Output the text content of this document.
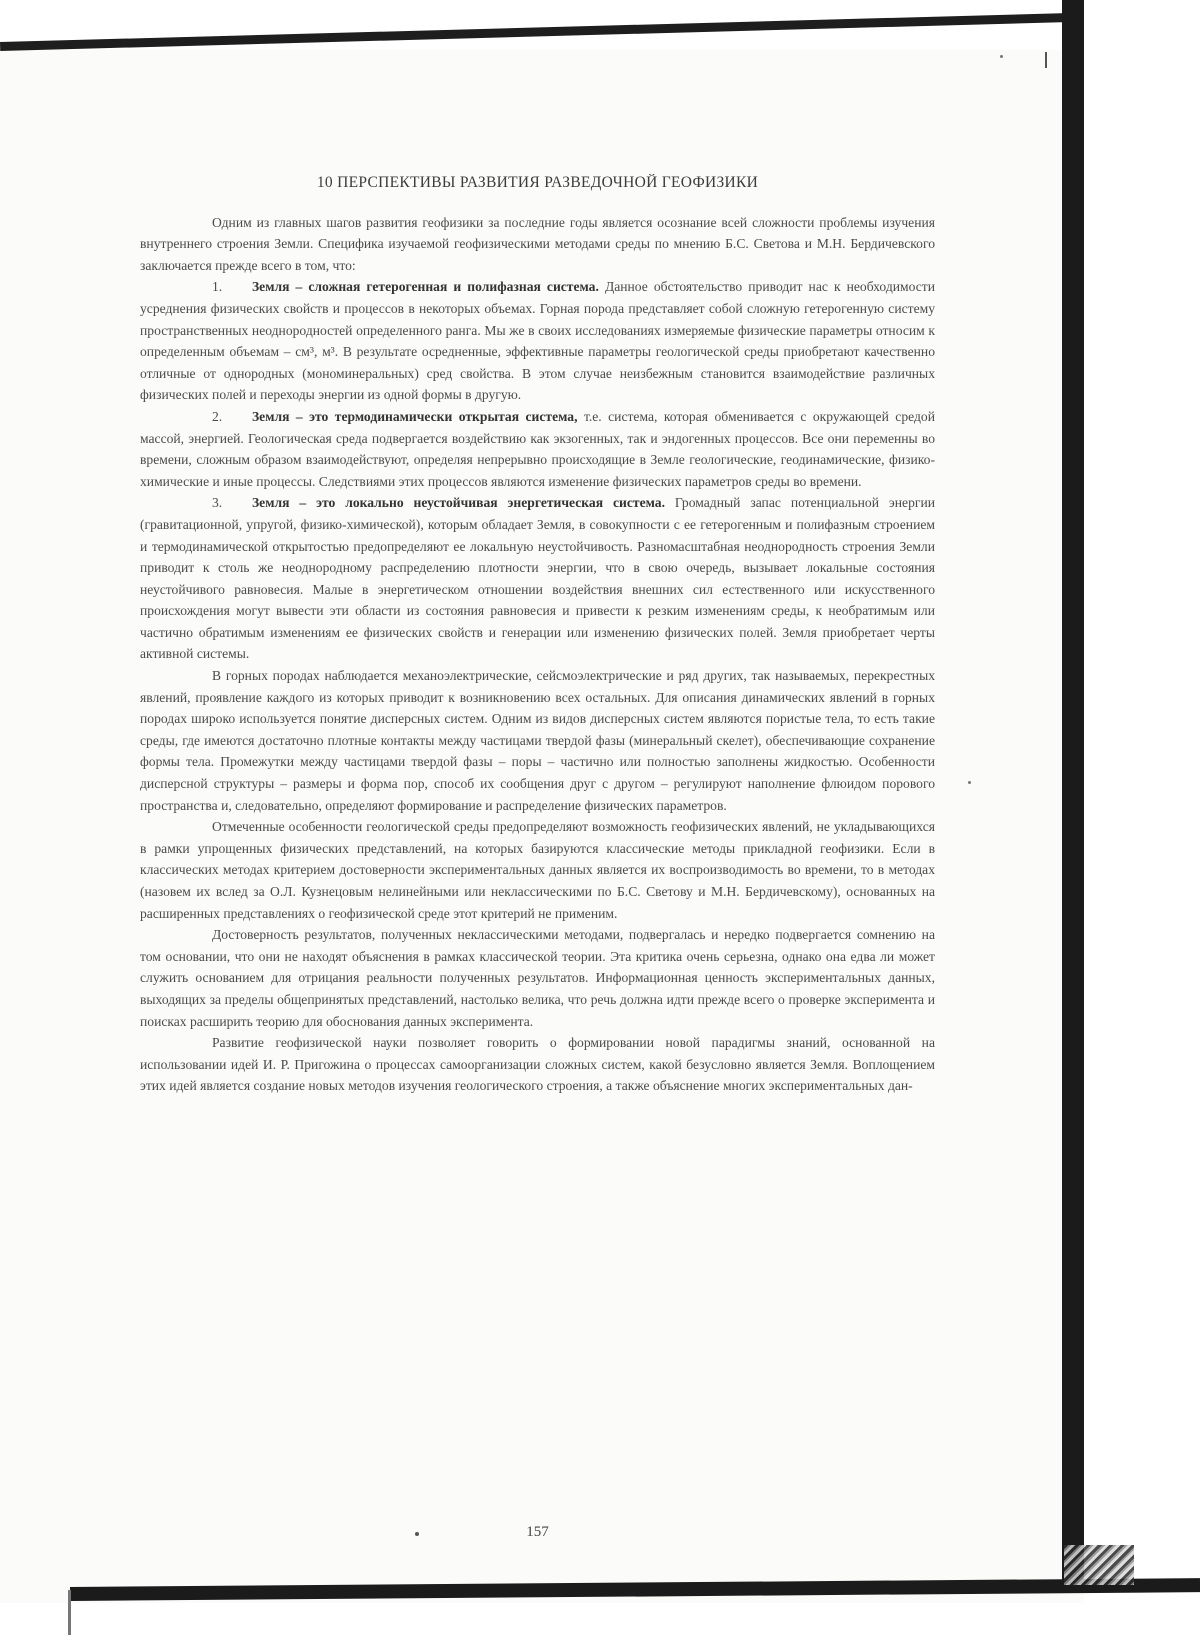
10 ПЕРСПЕКТИВЫ РАЗВИТИЯ РАЗВЕДОЧНОЙ ГЕОФИЗИКИ

Одним из главных шагов развития геофизики за последние годы является осознание всей сложности проблемы изучения внутреннего строения Земли. Специфика изучаемой геофизическими методами среды по мнению Б.С. Светова и М.Н. Бердичевского заключается прежде всего в том, что:

1. Земля – сложная гетерогенная и полифазная система. Данное обстоятельство приводит нас к необходимости усреднения физических свойств и процессов в некоторых объемах. Горная порода представляет собой сложную гетерогенную систему пространственных неоднородностей определенного ранга. Мы же в своих исследованиях измеряемые физические параметры относим к определенным объемам – см³, м³. В результате осредненные, эффективные параметры геологической среды приобретают качественно отличные от однородных (мономинеральных) сред свойства. В этом случае неизбежным становится взаимодействие различных физических полей и переходы энергии из одной формы в другую.

2. Земля – это термодинамически открытая система, т.е. система, которая обменивается с окружающей средой массой, энергией. Геологическая среда подвергается воздействию как экзогенных, так и эндогенных процессов. Все они переменны во времени, сложным образом взаимодействуют, определяя непрерывно происходящие в Земле геологические, геодинамические, физико-химические и иные процессы. Следствиями этих процессов являются изменение физических параметров среды во времени.

3. Земля – это локально неустойчивая энергетическая система. Громадный запас потенциальной энергии (гравитационной, упругой, физико-химической), которым обладает Земля, в совокупности с ее гетерогенным и полифазным строением и термодинамической открытостью предопределяют ее локальную неустойчивость. Разномасштабная неоднородность строения Земли приводит к столь же неоднородному распределению плотности энергии, что в свою очередь, вызывает локальные состояния неустойчивого равновесия. Малые в энергетическом отношении воздействия внешних сил естественного или искусственного происхождения могут вывести эти области из состояния равновесия и привести к резким изменениям среды, к необратимым или частично обратимым изменениям ее физических свойств и генерации или изменению физических полей. Земля приобретает черты активной системы.

В горных породах наблюдается механоэлектрические, сейсмоэлектрические и ряд других, так называемых, перекрестных явлений, проявление каждого из которых приводит к возникновению всех остальных. Для описания динамических явлений в горных породах широко используется понятие дисперсных систем. Одним из видов дисперсных систем являются пористые тела, то есть такие среды, где имеются достаточно плотные контакты между частицами твердой фазы (минеральный скелет), обеспечивающие сохранение формы тела. Промежутки между частицами твердой фазы – поры – частично или полностью заполнены жидкостью. Особенности дисперсной структуры – размеры и форма пор, способ их сообщения друг с другом – регулируют наполнение флюидом порового пространства и, следовательно, определяют формирование и распределение физических параметров.

Отмеченные особенности геологической среды предопределяют возможность геофизических явлений, не укладывающихся в рамки упрощенных физических представлений, на которых базируются классические методы прикладной геофизики. Если в классических методах критерием достоверности экспериментальных данных является их воспроизводимость во времени, то в методах (назовем их вслед за О.Л. Кузнецовым нелинейными или неклассическими по Б.С. Светову и М.Н. Бердичевскому), основанных на расширенных представлениях о геофизической среде этот критерий не применим.

Достоверность результатов, полученных неклассическими методами, подвергалась и нередко подвергается сомнению на том основании, что они не находят объяснения в рамках классической теории. Эта критика очень серьезна, однако она едва ли может служить основанием для отрицания реальности полученных результатов. Информационная ценность экспериментальных данных, выходящих за пределы общепринятых представлений, настолько велика, что речь должна идти прежде всего о проверке эксперимента и поисках расширить теорию для обоснования данных эксперимента.

Развитие геофизической науки позволяет говорить о формировании новой парадигмы знаний, основанной на использовании идей И. Р. Пригожина о процессах самоорганизации сложных систем, какой безусловно является Земля. Воплощением этих идей является создание новых методов изучения геологического строения, а также объяснение многих экспериментальных дан-

157
